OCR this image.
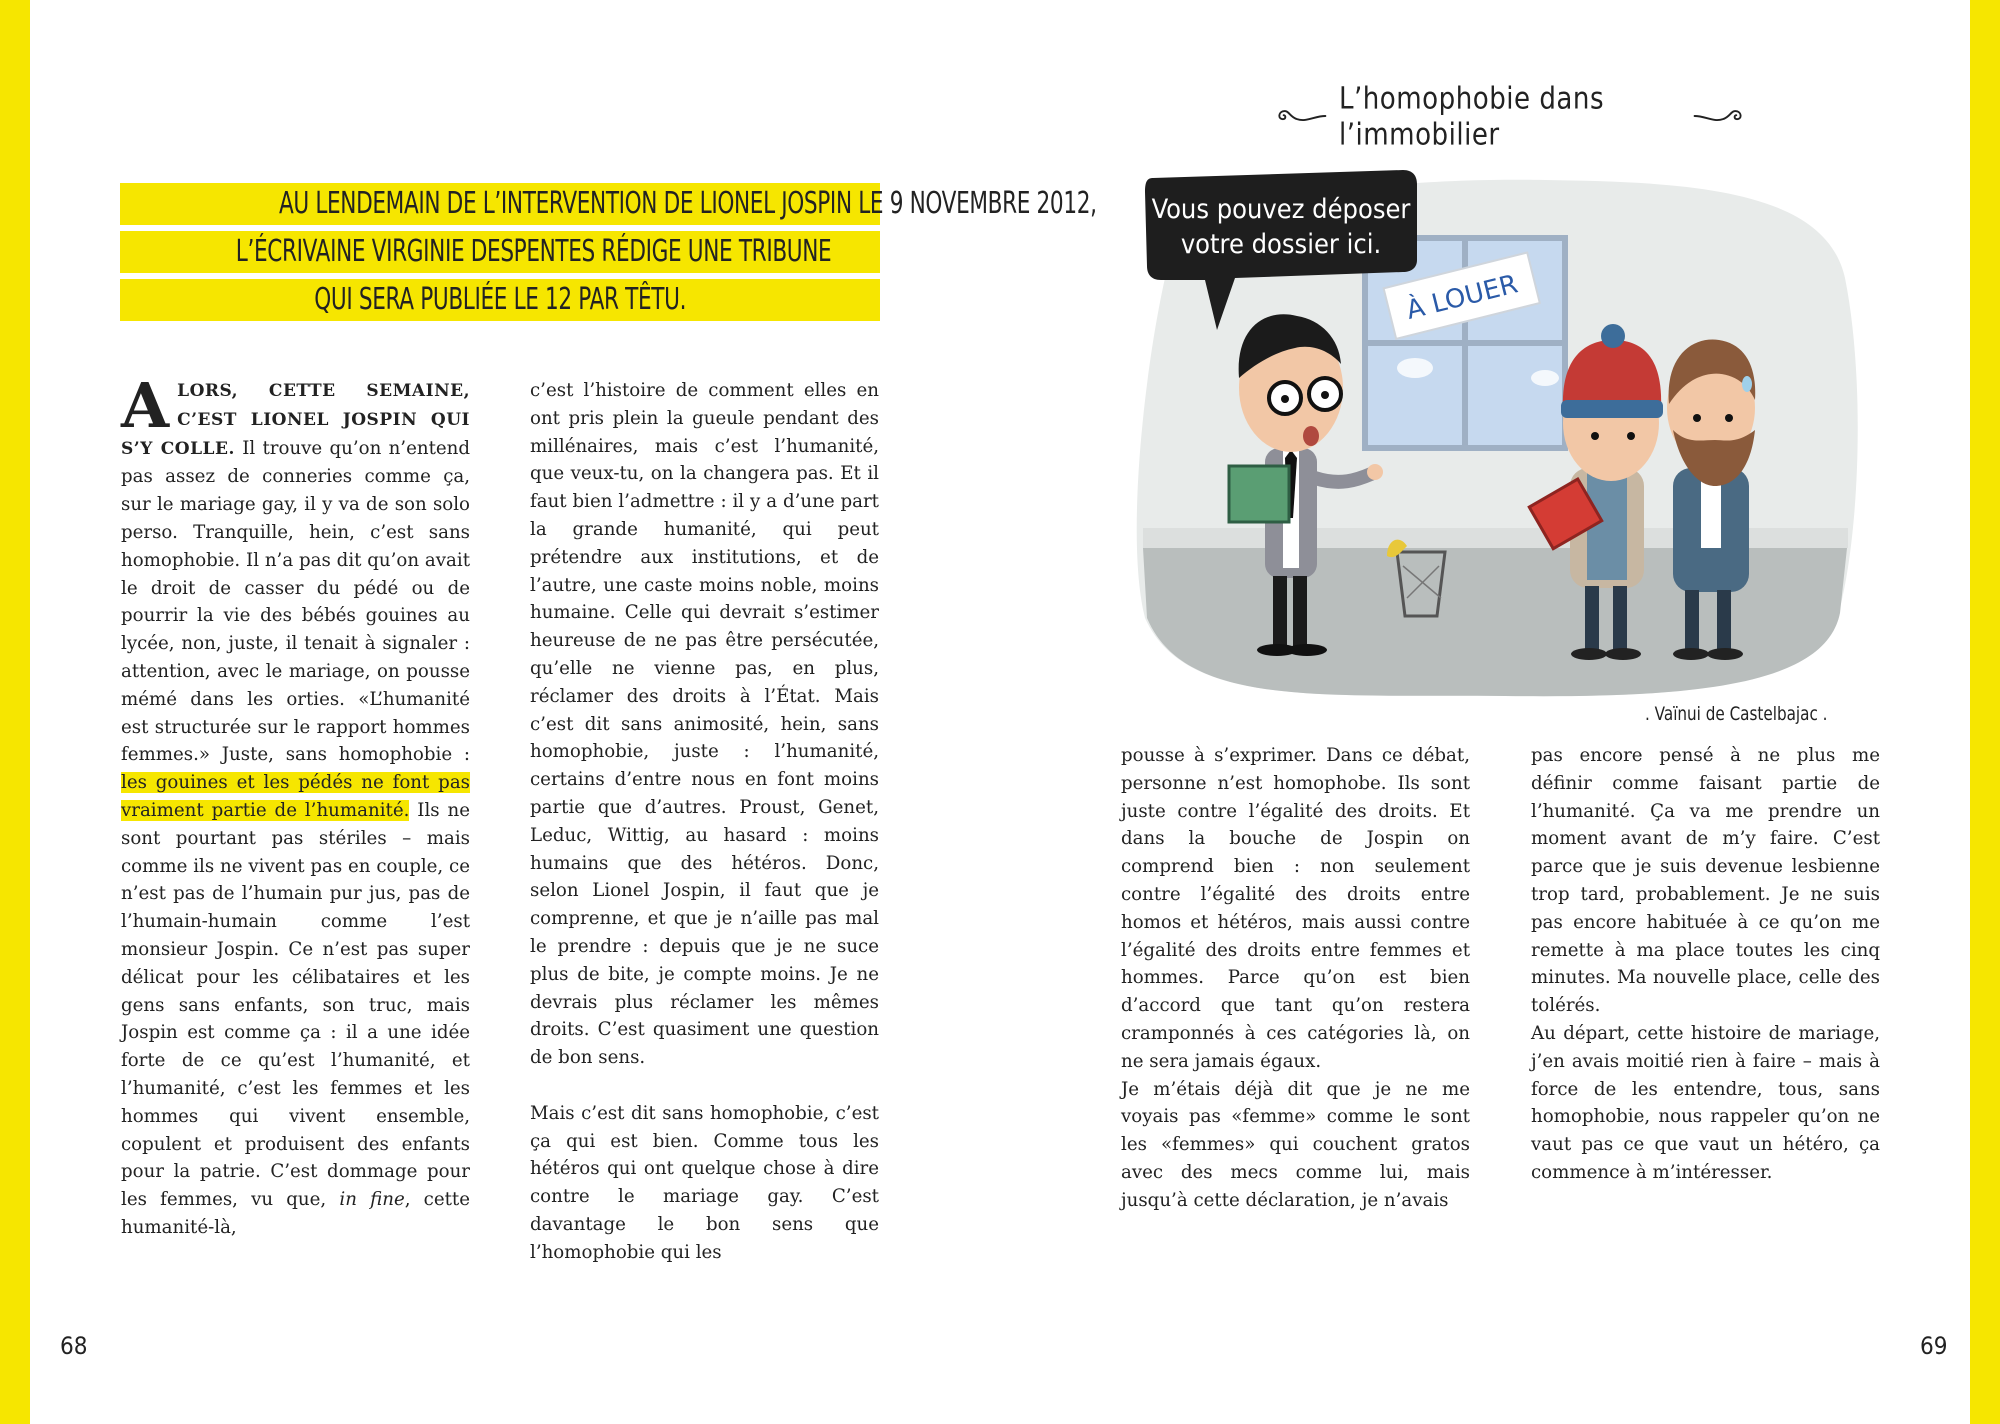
L’homophobie dans l’immobilier
AU LENDEMAIN DE L’INTERVENTION DE LIONEL JOSPIN LE 9 NOVEMBRE 2012,
L’ÉCRIVAINE VIRGINIE DESPENTES RÉDIGE UNE TRIBUNE
QUI SERA PUBLIÉE LE 12 PAR TÊTU.

ALORS, CETTE SEMAINE, C’EST LIONEL JOSPIN QUI S’Y COLLE. Il trouve qu’on n’entend pas assez de conneries comme ça, sur le mariage gay, il y va de son solo perso. Tranquille, hein, c’est sans homophobie. Il n’a pas dit qu’on avait le droit de casser du pédé ou de pourrir la vie des bébés gouines au lycée, non, juste, il tenait à signaler : attention, avec le mariage, on pousse mémé dans les orties. «L’humanité est structurée sur le rapport hommes femmes.» Juste, sans homophobie : les gouines et les pédés ne font pas vraiment partie de l’humanité. Ils ne sont pourtant pas stériles – mais comme ils ne vivent pas en couple, ce n’est pas de l’humain pur jus, pas de l’humain-humain comme l’est monsieur Jospin. Ce n’est pas super délicat pour les célibataires et les gens sans enfants, son truc, mais Jospin est comme ça : il a une idée forte de ce qu’est l’humanité, et l’humanité, c’est les femmes et les hommes qui vivent ensemble, copulent et produisent des enfants pour la patrie. C’est dommage pour les femmes, vu que, in fine, cette humanité-là,

c’est l’histoire de comment elles en ont pris plein la gueule pendant des millénaires, mais c’est l’humanité, que veux-tu, on la changera pas. Et il faut bien l’admettre : il y a d’une part la grande humanité, qui peut prétendre aux institutions, et de l’autre, une caste moins noble, moins humaine. Celle qui devrait s’estimer heureuse de ne pas être persécutée, qu’elle ne vienne pas, en plus, réclamer des droits à l’État. Mais c’est dit sans animosité, hein, sans homophobie, juste : l’humanité, certains d’entre nous en font moins partie que d’autres. Proust, Genet, Leduc, Wittig, au hasard : moins humains que des hétéros. Donc, selon Lionel Jospin, il faut que je comprenne, et que je n’aille pas mal le prendre : depuis que je ne suce plus de bite, je compte moins. Je ne devrais plus réclamer les mêmes droits. C’est quasiment une question de bon sens.

Mais c’est dit sans homophobie, c’est ça qui est bien. Comme tous les hétéros qui ont quelque chose à dire contre le mariage gay. C’est davantage le bon sens que l’homophobie qui les

À LOUER
Vous pouvez déposer
votre dossier ici.
. Vaïnui de Castelbajac .

pousse à s’exprimer. Dans ce débat, personne n’est homophobe. Ils sont juste contre l’égalité des droits. Et dans la bouche de Jospin on comprend bien : non seulement contre l’égalité des droits entre homos et hétéros, mais aussi contre l’égalité des droits entre femmes et hommes. Parce qu’on est bien d’accord que tant qu’on restera cramponnés à ces catégories là, on ne sera jamais égaux.

Je m’étais déjà dit que je ne me voyais pas «femme» comme le sont les «femmes» qui couchent gratos avec des mecs comme lui, mais jusqu’à cette déclaration, je n’avais

pas encore pensé à ne plus me définir comme faisant partie de l’humanité. Ça va me prendre un moment avant de m’y faire. C’est parce que je suis devenue lesbienne trop tard, probablement. Je ne suis pas encore habituée à ce qu’on me remette à ma place toutes les cinq minutes. Ma nouvelle place, celle des tolérés.

Au départ, cette histoire de mariage, j’en avais moitié rien à faire – mais à force de les entendre, tous, sans homophobie, nous rappeler qu’on ne vaut pas ce que vaut un hétéro, ça commence à m’intéresser.

68	69
